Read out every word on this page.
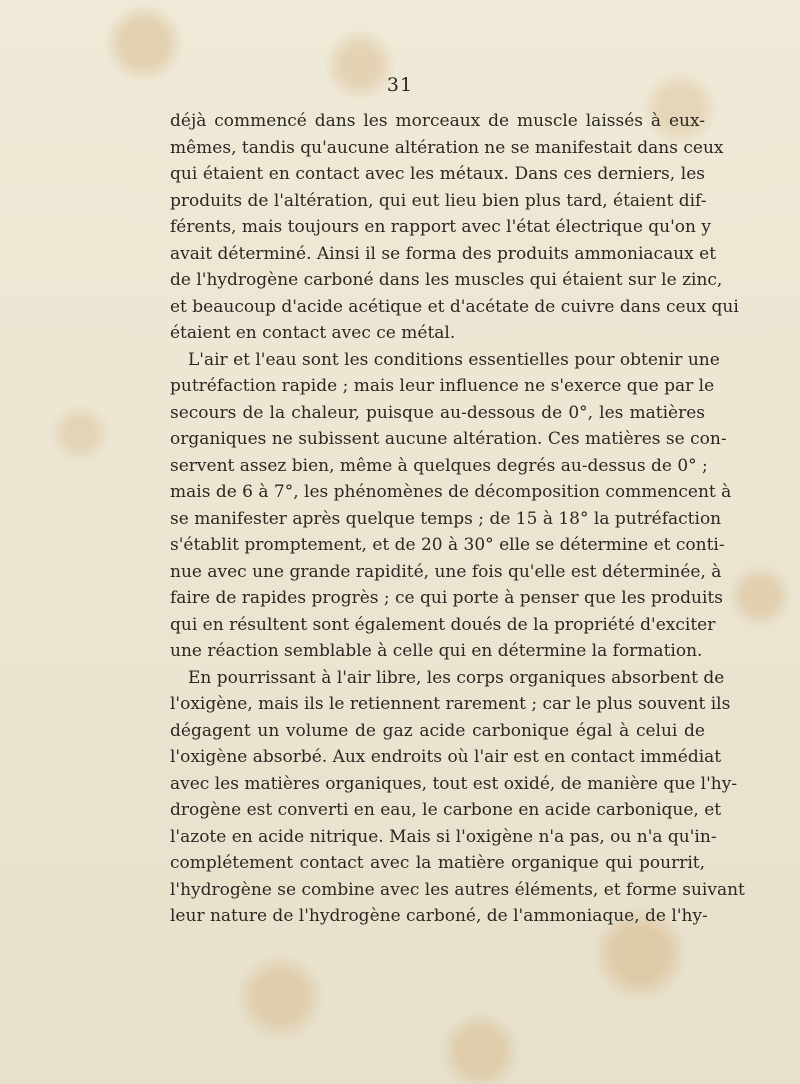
31
déjà commencé dans les morceaux de muscle laissés à eux-
mêmes, tandis qu'aucune altération ne se manifestait dans ceux
qui étaient en contact avec les métaux. Dans ces derniers, les
produits de l'altération, qui eut lieu bien plus tard, étaient dif-
férents, mais toujours en rapport avec l'état électrique qu'on y
avait déterminé. Ainsi il se forma des produits ammoniacaux et
de l'hydrogène carboné dans les muscles qui étaient sur le zinc,
et beaucoup d'acide acétique et d'acétate de cuivre dans ceux qui
étaient en contact avec ce métal.
L'air et l'eau sont les conditions essentielles pour obtenir une
putréfaction rapide ; mais leur influence ne s'exerce que par le
secours de la chaleur, puisque au-dessous de 0°, les matières
organiques ne subissent aucune altération. Ces matières se con-
servent assez bien, même à quelques degrés au-dessus de 0° ;
mais de 6 à 7°, les phénomènes de décomposition commencent à
se manifester après quelque temps ; de 15 à 18° la putréfaction
s'établit promptement, et de 20 à 30° elle se détermine et conti-
nue avec une grande rapidité, une fois qu'elle est déterminée, à
faire de rapides progrès ; ce qui porte à penser que les produits
qui en résultent sont également doués de la propriété d'exciter
une réaction semblable à celle qui en détermine la formation.
En pourrissant à l'air libre, les corps organiques absorbent de
l'oxigène, mais ils le retiennent rarement ; car le plus souvent ils
dégagent un volume de gaz acide carbonique égal à celui de
l'oxigène absorbé. Aux endroits où l'air est en contact immédiat
avec les matières organiques, tout est oxidé, de manière que l'hy-
drogène est converti en eau, le carbone en acide carbonique, et
l'azote en acide nitrique. Mais si l'oxigène n'a pas, ou n'a qu'in-
complétement contact avec la matière organique qui pourrit,
l'hydrogène se combine avec les autres éléments, et forme suivant
leur nature de l'hydrogène carboné, de l'ammoniaque, de l'hy-
